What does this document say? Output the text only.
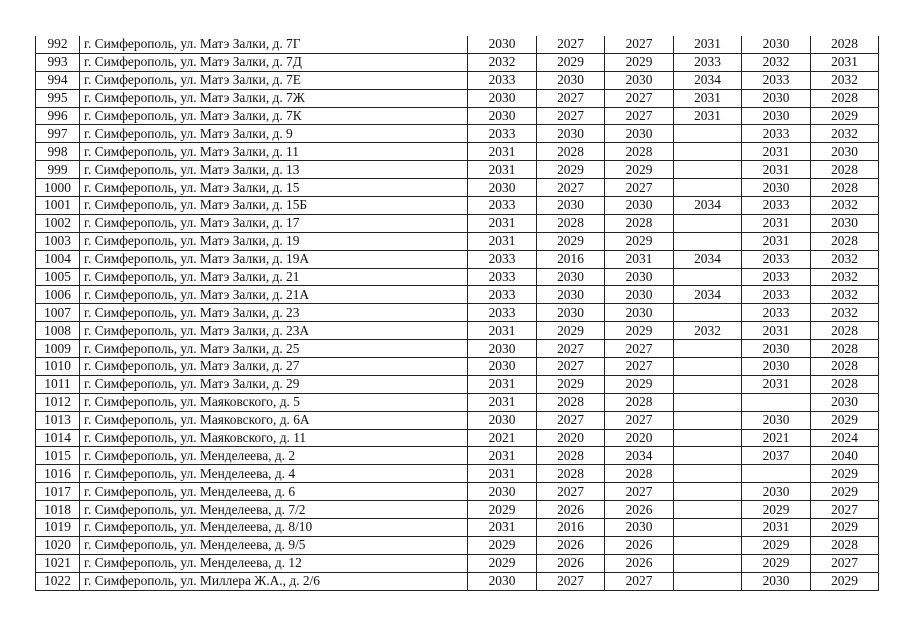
992	г. Симферополь, ул. Матэ Залки, д. 7Г	2030	2027	2027	2031	2030	2028
993	г. Симферополь, ул. Матэ Залки, д. 7Д	2032	2029	2029	2033	2032	2031
994	г. Симферополь, ул. Матэ Залки, д. 7Е	2033	2030	2030	2034	2033	2032
995	г. Симферополь, ул. Матэ Залки, д. 7Ж	2030	2027	2027	2031	2030	2028
996	г. Симферополь, ул. Матэ Залки, д. 7К	2030	2027	2027	2031	2030	2029
997	г. Симферополь, ул. Матэ Залки, д. 9	2033	2030	2030		2033	2032
998	г. Симферополь, ул. Матэ Залки, д. 11	2031	2028	2028		2031	2030
999	г. Симферополь, ул. Матэ Залки, д. 13	2031	2029	2029		2031	2028
1000	г. Симферополь, ул. Матэ Залки, д. 15	2030	2027	2027		2030	2028
1001	г. Симферополь, ул. Матэ Залки, д. 15Б	2033	2030	2030	2034	2033	2032
1002	г. Симферополь, ул. Матэ Залки, д. 17	2031	2028	2028		2031	2030
1003	г. Симферополь, ул. Матэ Залки, д. 19	2031	2029	2029		2031	2028
1004	г. Симферополь, ул. Матэ Залки, д. 19А	2033	2016	2031	2034	2033	2032
1005	г. Симферополь, ул. Матэ Залки, д. 21	2033	2030	2030		2033	2032
1006	г. Симферополь, ул. Матэ Залки, д. 21А	2033	2030	2030	2034	2033	2032
1007	г. Симферополь, ул. Матэ Залки, д. 23	2033	2030	2030		2033	2032
1008	г. Симферополь, ул. Матэ Залки, д. 23А	2031	2029	2029	2032	2031	2028
1009	г. Симферополь, ул. Матэ Залки, д. 25	2030	2027	2027		2030	2028
1010	г. Симферополь, ул. Матэ Залки, д. 27	2030	2027	2027		2030	2028
1011	г. Симферополь, ул. Матэ Залки, д. 29	2031	2029	2029		2031	2028
1012	г. Симферополь, ул. Маяковского, д. 5	2031	2028	2028			2030
1013	г. Симферополь, ул. Маяковского, д. 6А	2030	2027	2027		2030	2029
1014	г. Симферополь, ул. Маяковского, д. 11	2021	2020	2020		2021	2024
1015	г. Симферополь, ул. Менделеева, д. 2	2031	2028	2034		2037	2040
1016	г. Симферополь, ул. Менделеева, д. 4	2031	2028	2028			2029
1017	г. Симферополь, ул. Менделеева, д. 6	2030	2027	2027		2030	2029
1018	г. Симферополь, ул. Менделеева, д. 7/2	2029	2026	2026		2029	2027
1019	г. Симферополь, ул. Менделеева, д. 8/10	2031	2016	2030		2031	2029
1020	г. Симферополь, ул. Менделеева, д. 9/5	2029	2026	2026		2029	2028
1021	г. Симферополь, ул. Менделеева, д. 12	2029	2026	2026		2029	2027
1022	г. Симферополь, ул. Миллера Ж.А., д. 2/6	2030	2027	2027		2030	2029
